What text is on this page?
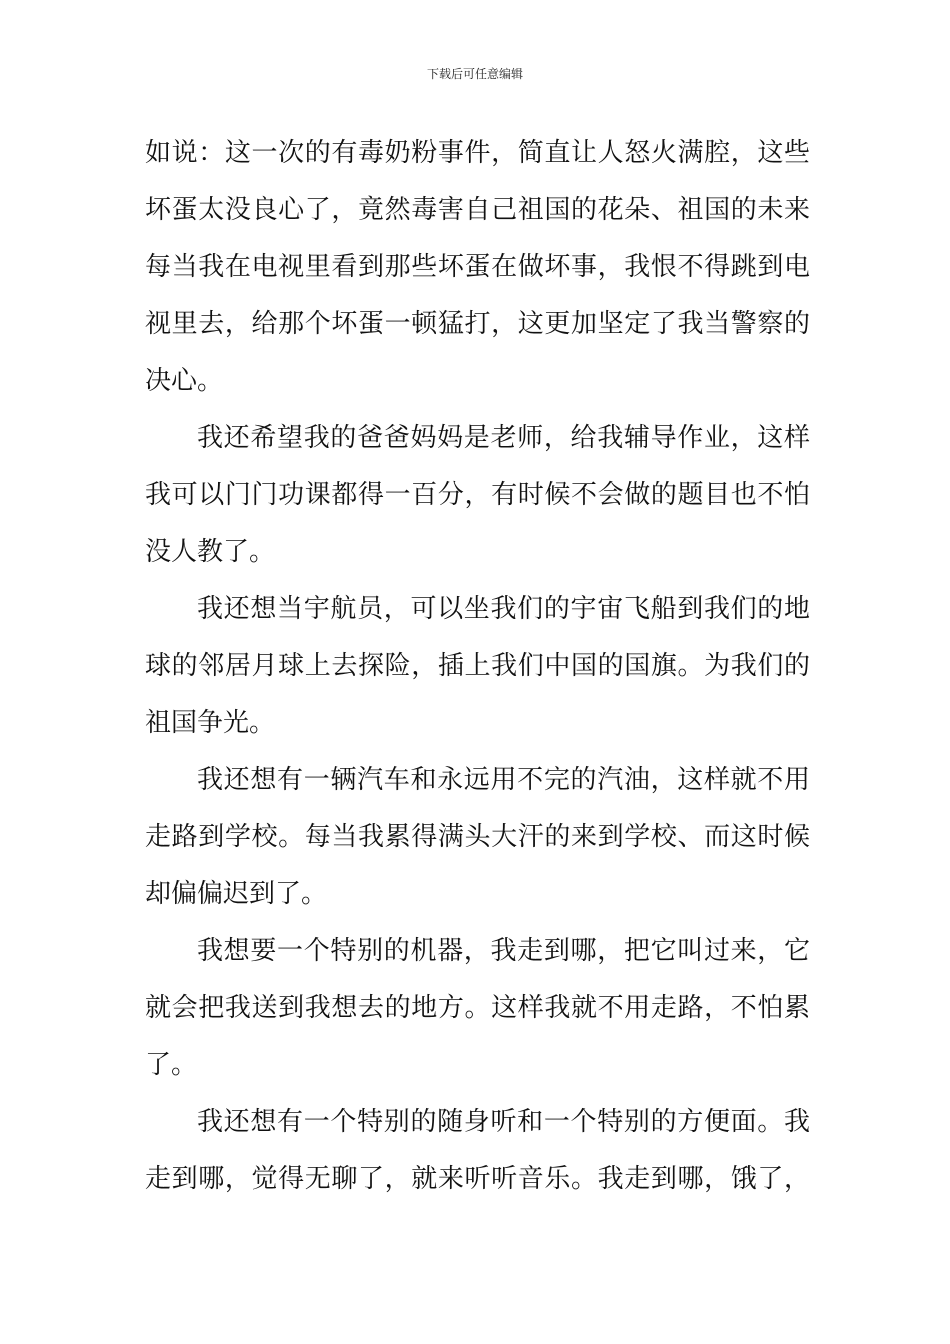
下载后可任意编辑
如说：这一次的有毒奶粉事件，简直让人怒火满腔，这些
坏蛋太没良心了，竟然毒害自己祖国的花朵、祖国的未来
每当我在电视里看到那些坏蛋在做坏事，我恨不得跳到电
视里去，给那个坏蛋一顿猛打，这更加坚定了我当警察的
决心。
我还希望我的爸爸妈妈是老师，给我辅导作业，这样
我可以门门功课都得一百分，有时候不会做的题目也不怕
没人教了。
我还想当宇航员，可以坐我们的宇宙飞船到我们的地
球的邻居月球上去探险，插上我们中国的国旗。为我们的
祖国争光。
我还想有一辆汽车和永远用不完的汽油，这样就不用
走路到学校。每当我累得满头大汗的来到学校、而这时候
却偏偏迟到了。
我想要一个特别的机器，我走到哪，把它叫过来，它
就会把我送到我想去的地方。这样我就不用走路，不怕累
了。
我还想有一个特别的随身听和一个特别的方便面。我
走到哪，觉得无聊了，就来听听音乐。我走到哪，饿了，
